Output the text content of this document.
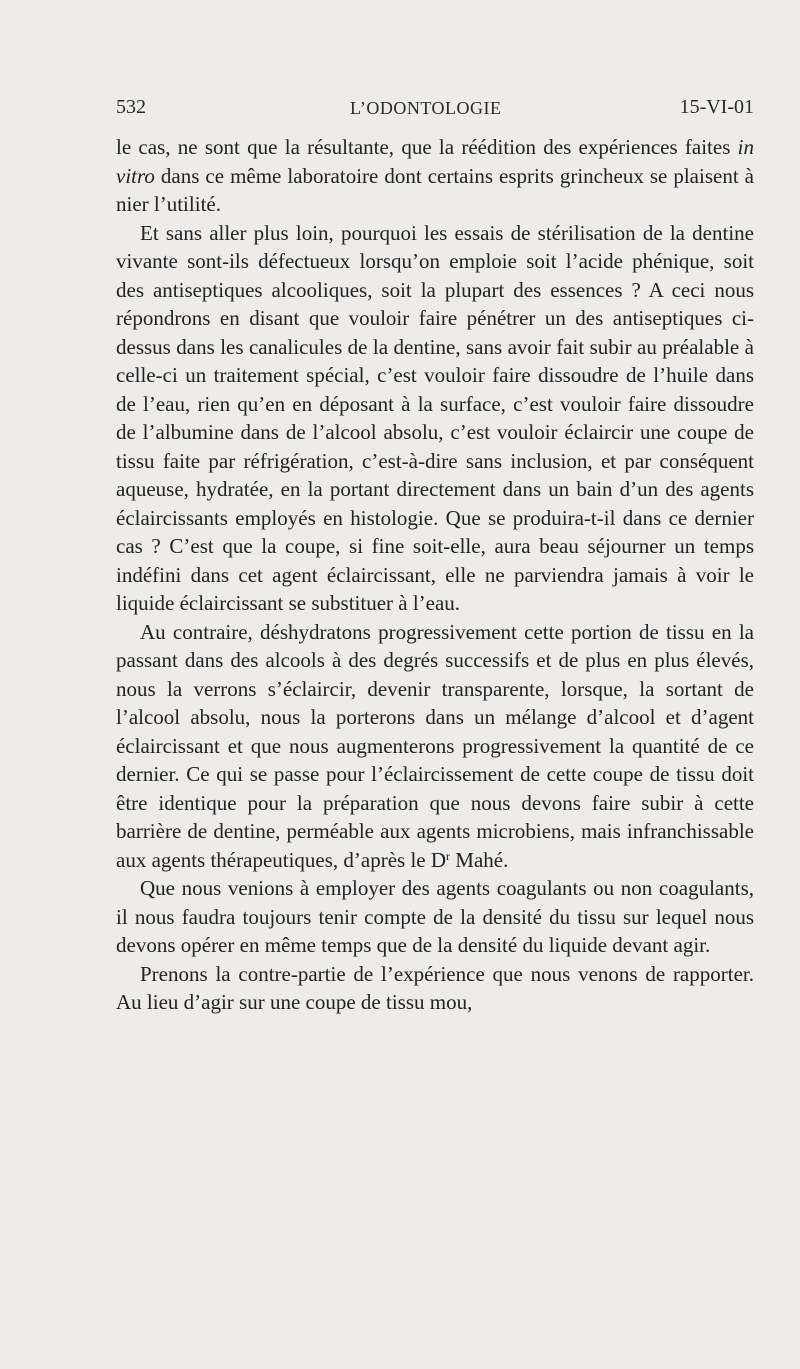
532	L’ODONTOLOGIE	15-VI-01

le cas, ne sont que la résultante, que la réédition des expériences faites in vitro dans ce même laboratoire dont certains esprits grincheux se plaisent à nier l’utilité.

Et sans aller plus loin, pourquoi les essais de stérilisation de la dentine vivante sont-ils défectueux lorsqu’on emploie soit l’acide phénique, soit des antiseptiques alcooliques, soit la plupart des essences ? A ceci nous répondrons en disant que vouloir faire pénétrer un des antiseptiques ci-dessus dans les canalicules de la dentine, sans avoir fait subir au préalable à celle-ci un traitement spécial, c’est vouloir faire dissoudre de l’huile dans de l’eau, rien qu’en en déposant à la surface, c’est vouloir faire dissoudre de l’albumine dans de l’alcool absolu, c’est vouloir éclaircir une coupe de tissu faite par réfrigération, c’est-à-dire sans inclusion, et par conséquent aqueuse, hydratée, en la portant directement dans un bain d’un des agents éclaircissants employés en histologie. Que se produira-t-il dans ce dernier cas ? C’est que la coupe, si fine soit-elle, aura beau séjourner un temps indéfini dans cet agent éclaircissant, elle ne parviendra jamais à voir le liquide éclaircissant se substituer à l’eau.

Au contraire, déshydratons progressivement cette portion de tissu en la passant dans des alcools à des degrés successifs et de plus en plus élevés, nous la verrons s’éclaircir, devenir transparente, lorsque, la sortant de l’alcool absolu, nous la porterons dans un mélange d’alcool et d’agent éclaircissant et que nous augmenterons progressivement la quantité de ce dernier. Ce qui se passe pour l’éclaircissement de cette coupe de tissu doit être identique pour la préparation que nous devons faire subir à cette barrière de dentine, perméable aux agents microbiens, mais infranchissable aux agents thérapeutiques, d’après le $D^r$ Mahé.

Que nous venions à employer des agents coagulants ou non coagulants, il nous faudra toujours tenir compte de la densité du tissu sur lequel nous devons opérer en même temps que de la densité du liquide devant agir.

Prenons la contre-partie de l’expérience que nous venons de rapporter. Au lieu d’agir sur une coupe de tissu mou,
